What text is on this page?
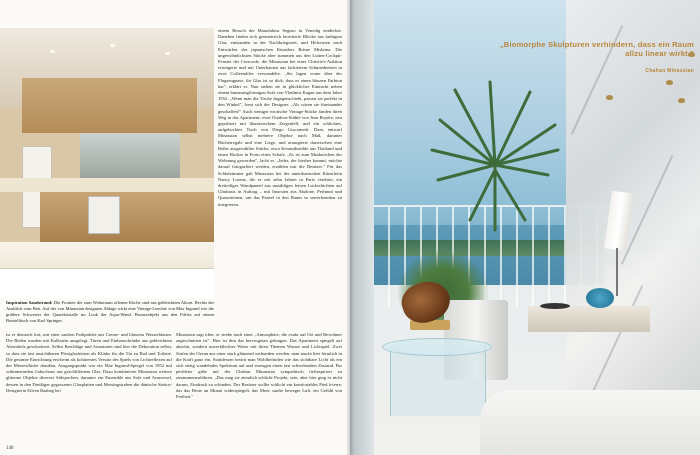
Inspiration Sandstrand: Die Fronten der zum Wohnraum offenen Küche sind aus gebleichtem Ahorn. Rechts der Ausblick vom Bett. Auf der von Minassian designten Ablage wirkt eine Vintage-Leuchte von Max Ingrand wie die größere Schwester der Quarzkristalle im Look der Aqua-Wand. Bronzeobjekt aus den Fifties auf einem Beistelltisch von Karl Springer.
einem Besuch der Manufaktur Seguso in Venedig entdeckte. Daneben finden sich geometrisch facettierte Blöcke aus farbigem Glas, entstanden in der Nachkriegszeit, und Holzvasen nach Entwürfen des japanischen Künstlers Ritsue Mishima. Die ungewöhnlichsten Stücke aber stammen aus den Luiten-Cockpit-Fenster der Concorde, die Minassian bei einer Christie's-Auktion ersteigerte und mit Unterbauten aus lackiertem Schmiedeeisen in zwei Coffeetables verwandelte. „Sie lagen vorne über der Flugzeugnase, ihr Glas ist so dick, dass es einen blassen Farbton hat", erklärt er. Nun stehen sie in glücklicher Eintracht neben einem bumerangförmigen Sofa von Vladimir Kagan aus dem Jahre 1952. „Wenn man die Tische dagegenschiebt, passen sie perfekt in den Winkel", freut sich der Designer. „Als wären sie füreinander geschaffen!" Auch weniger exotische Vintage-Stücke fanden ihren Weg in das Apartment: zwei Outdoor-Stühle von Jean Royère, neu gepolstert mit libanesischem Ziegenfell, und ein schlichtes, aufgebocktes Tisch von Diego Giacometti. Dazu entwarf Minassian selbst mehrere Objekte nach Maß, darunter Bücherregale und eine Liege, und arrangierte dazwischen eine Reihe ausgewählter Stücke, etwa Keramikstühle aus Thailand und einen Hocker in Form eines Schafs. „Es ist zum Maskottchen der Wohnung geworden", lacht er. „Jeder, der hierher kommt, möchte darauf fotografiert werden, erzählen mir die Besitzer." Für das Schlafzimmer gab Minassian bei der amerikanischen Künstlerin Nancy Lorenz, die er seit zehn Jahren in Paris verehrte, ein dreiteiliges Wandpaneel aus unzähligen feinen Lackschichten auf Glasbasis in Auftrag – mit Intarsien aus Abalone, Perlmutt und Quarzsteinen, um das Paneel in den Raum so unverkennbar zu integrieren.
ist er dennoch fort, mit einer sanften Farbpalette aus Creme- und blassem Wasserblauen. Die Böden wurden mit Kalkstein ausgelegt, Türen und Einbauschränke aus gebleichtem Ahornholz geschreinert. Selbst Beschläge und Armaturen sind hier die Dekoration selbst, so dass sie fast unsichtbaren Plexiglasleisten als Klinke für die Tür zu Bad und Toilette. Die gesamte Einrichtung erscheint als kohärentes Versatz des Spiels von Lichtreflexen auf der Meeresfläche draußen. Ausgangspunkt war ein Mae Ingrand-Spiegel von 1952 mit schimmernden Cabochons aus geschliffenem Glas. Dazu kombinierte Minassian weitere gläserne Objekte diverser Stilepochen, darunter ein Ensemble aus Sofa und Armsessel, dessen in den Dreißiger gegossenes Glasplatten und Messingstreben die dänische Stetios-Designerin Eileen Raabeg bei
Minassian sagt öfter, er strebe nach einer „Atmosphäre, die exakt auf Ort und Bewohner zugeschnitten ist". Hier ist ihm das hervorgetan gelungen. Das Apartment spiegelt auf absolut, sondern unverfälschter Weise mit ihren Themen Wasser und Lichtspiel. Zwei Stufen der Ozean aus einer stark glänzend verbunden werden, man taucht hier förmlich in die Kraft ganz ein. Stattdessen betritt man Wohlbefinden wie das sichtbare Licht als ein sich stetig wandelndes Spektrum auf und erzeugen einen fast schwebenden Zustand. Für perfekter gäbe mit der Chahan Minassian sympathisch tiefinspiriert zu zusammenzuführen. „Das mag sie ziemlich schlicht Projekt, sein, aber hier ging es nicht darum, Eindruck zu schinden. Der Besitzer wollte schlicht ein komfortables Pied à-terre, das das Beste an Miami widerspiegelt, das Meer, sanfte bewegte Luft, ein Gefühl von Freiheit."
146
„Biomorphe Skulpturen verhindern, dass ein Raum allzu linear wirkt."
Chahan Minassian
